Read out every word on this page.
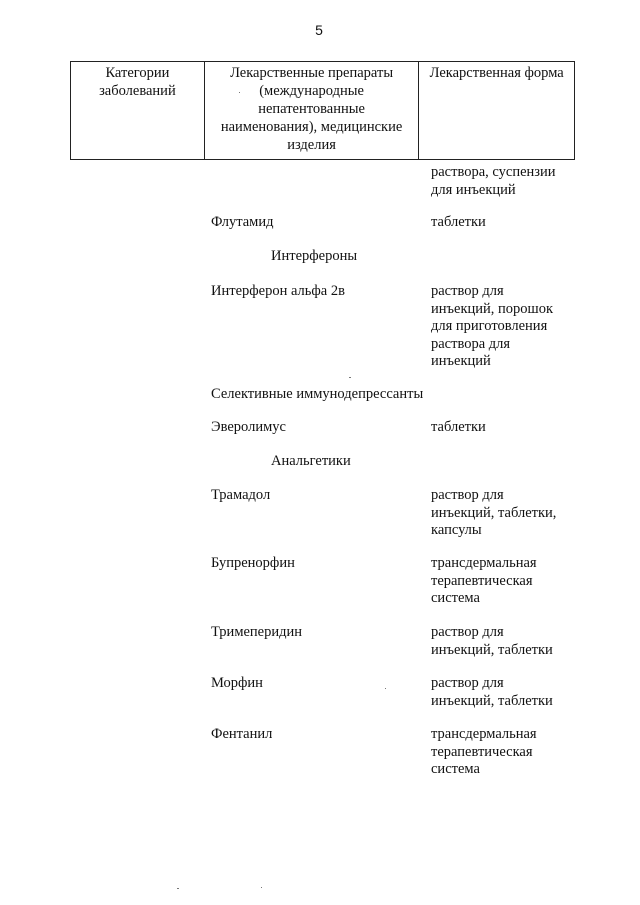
5
Категории заболеваний	Лекарственные препараты (международные непатентованные наименования), медицинские изделия	Лекарственная форма
раствора, суспензии
для инъекций
Флутамид	таблетки
Интерфероны
Интерферон альфа 2в	раствор для
инъекций, порошок
для приготовления
раствора для
инъекций
Селективные иммунодепрессанты
Эверолимус	таблетки
Анальгетики
Трамадол	раствор для
инъекций, таблетки,
капсулы
Бупренорфин	трансдермальная
терапевтическая
система
Тримеперидин	раствор для
инъекций, таблетки
Морфин	раствор для
инъекций, таблетки
Фентанил	трансдермальная
терапевтическая
система
